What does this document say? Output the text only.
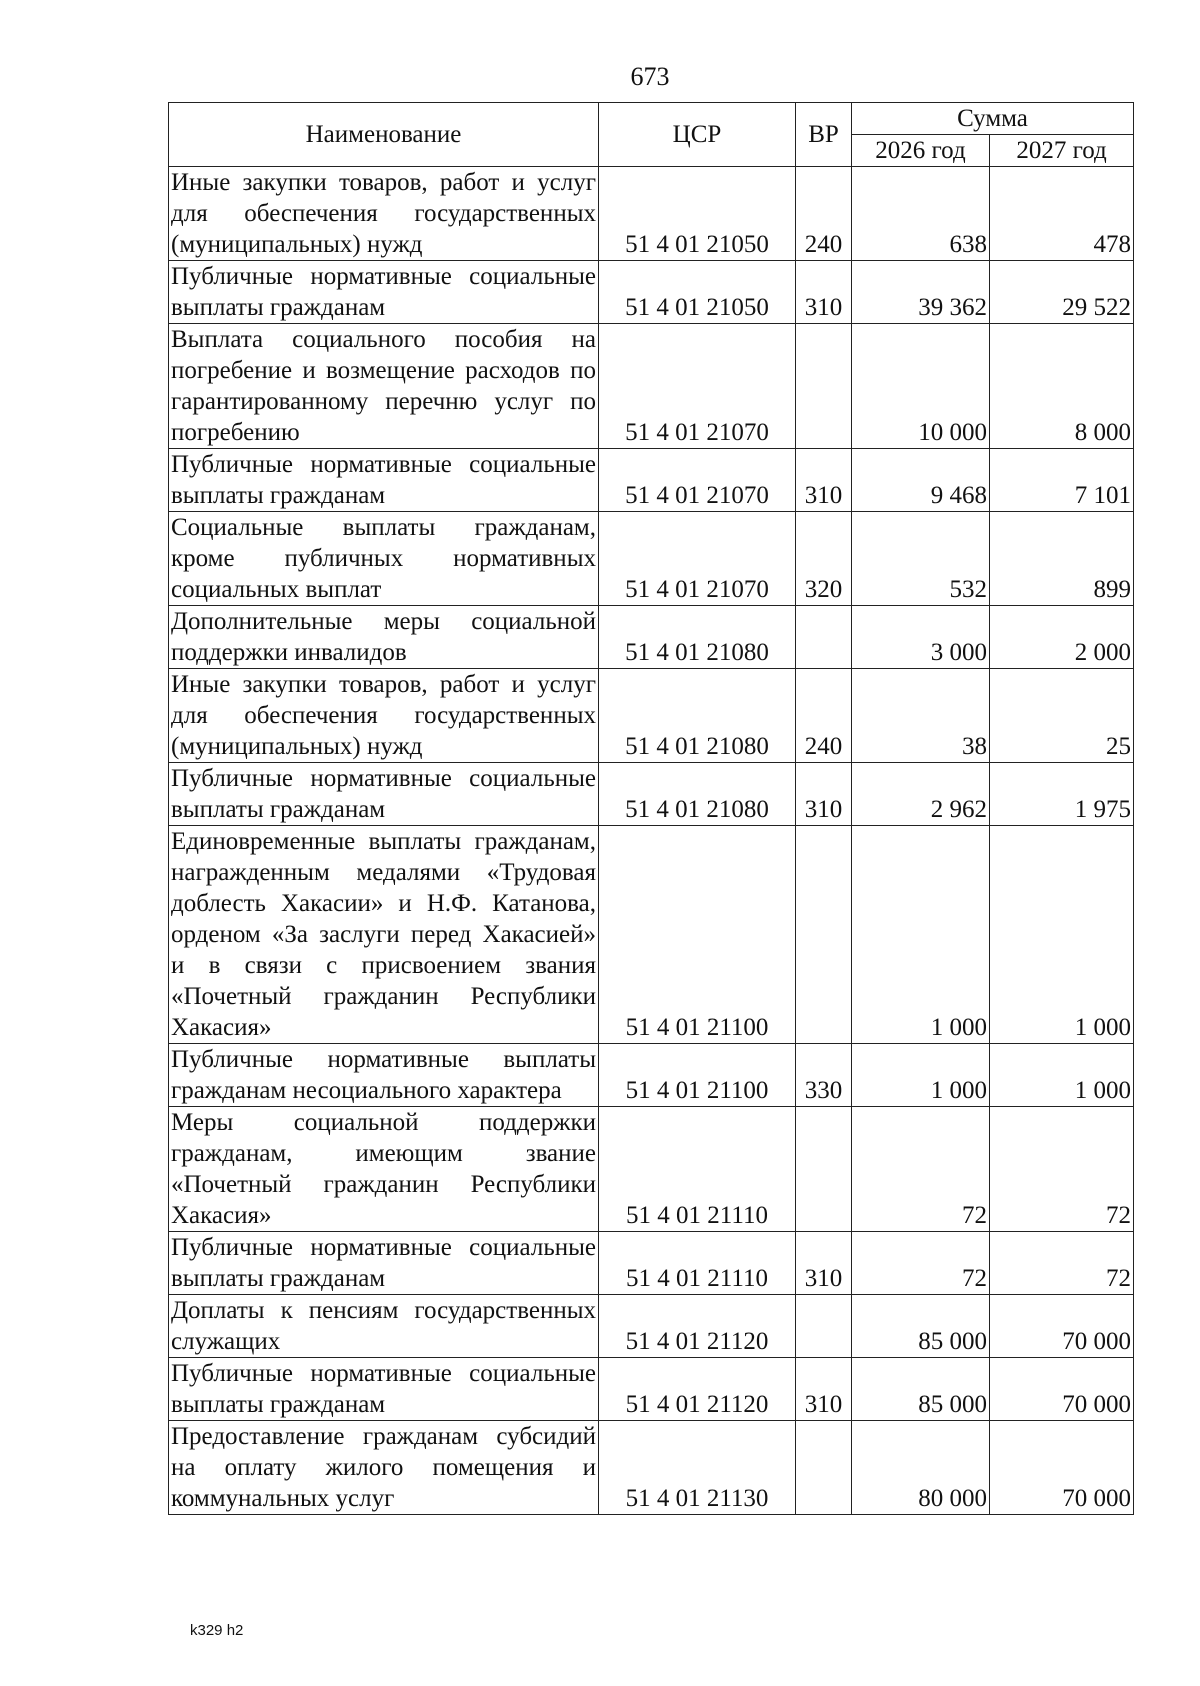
673
Наименование	ЦСР	ВР	Сумма	
			2026 год	2027 год
Иные закупки товаров, работ и услуг для обеспечения государственных (муниципальных) нужд	51 4 01 21050	240	638	478
Публичные нормативные социальные выплаты гражданам	51 4 01 21050	310	39 362	29 522
Выплата социального пособия на погребение и возмещение расходов по гарантированному перечню услуг по погребению	51 4 01 21070		10 000	8 000
Публичные нормативные социальные выплаты гражданам	51 4 01 21070	310	9 468	7 101
Социальные выплаты гражданам, кроме публичных нормативных социальных выплат	51 4 01 21070	320	532	899
Дополнительные меры социальной поддержки инвалидов	51 4 01 21080		3 000	2 000
Иные закупки товаров, работ и услуг для обеспечения государственных (муниципальных) нужд	51 4 01 21080	240	38	25
Публичные нормативные социальные выплаты гражданам	51 4 01 21080	310	2 962	1 975
Единовременные выплаты гражданам, награжденным медалями «Трудовая доблесть Хакасии» и Н.Ф. Катанова, орденом «За заслуги перед Хакасией» и в связи с присвоением звания «Почетный гражданин Республики Хакасия»	51 4 01 21100		1 000	1 000
Публичные нормативные выплаты гражданам несоциального характера	51 4 01 21100	330	1 000	1 000
Меры социальной поддержки гражданам, имеющим звание «Почетный гражданин Республики Хакасия»	51 4 01 21110		72	72
Публичные нормативные социальные выплаты гражданам	51 4 01 21110	310	72	72
Доплаты к пенсиям государственных служащих	51 4 01 21120		85 000	70 000
Публичные нормативные социальные выплаты гражданам	51 4 01 21120	310	85 000	70 000
Предоставление гражданам субсидий на оплату жилого помещения и коммунальных услуг	51 4 01 21130		80 000	70 000
k329 h2
